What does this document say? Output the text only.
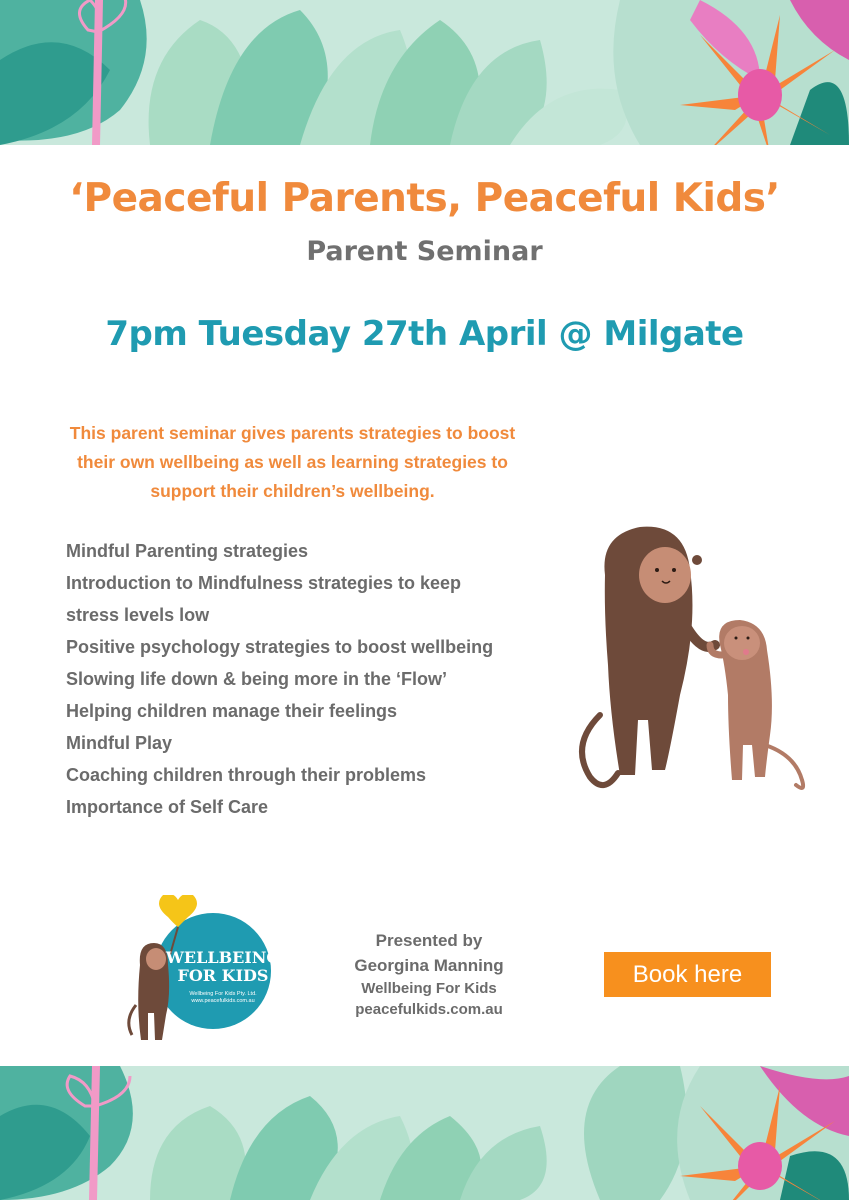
‘Peaceful Parents, Peaceful Kids’
Parent Seminar
7pm Tuesday 27th April @ Milgate

This parent seminar gives parents strategies to boost
their own wellbeing as well as learning strategies to
support their children’s wellbeing.

Mindful Parenting strategies
Introduction to Mindfulness strategies to keep
stress levels low
Positive psychology strategies to boost wellbeing
Slowing life down & being more in the ‘Flow’
Helping children manage their feelings
Mindful Play
Coaching children through their problems
Importance of Self Care
WELLBEING
FOR KIDS
Wellbeing For Kids Pty. Ltd.
www.peacefulkids.com.au

Presented by
Georgina Manning
Wellbeing For Kids
peacefulkids.com.au

Book here
